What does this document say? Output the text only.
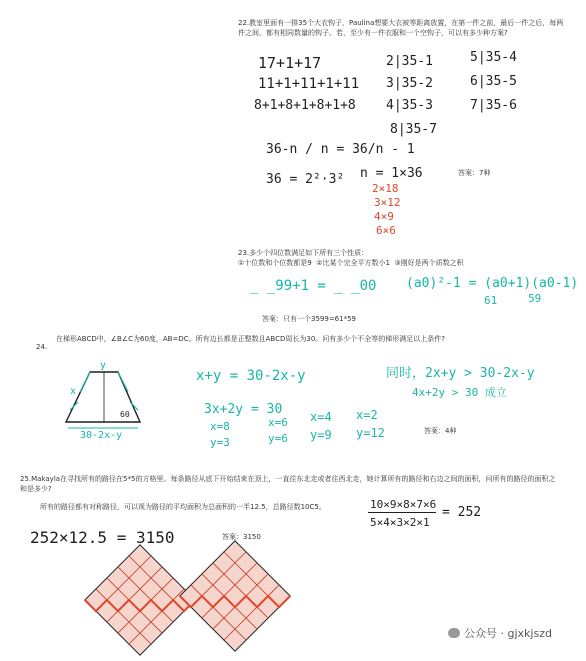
22.教室里面有一排35个大衣钩子，Paulina想要大衣被等距离放置，在第一件之前，最后一件之后，每两件之间，都有相同数量的钩子。若，至少有一件衣服和一个空钩子，可以有多少种方案?
17+1+17
11+1+11+1+11
8+1+8+1+8+1+8
2|35-1
3|35-2
4|35-3
8|35-7
5|35-4
6|35-5
7|35-6
36-n / n = 36/n - 1
36 = 2²·3² n = 1×36
2×18
3×12
4×9
6×6
答案：7种
23.多少个四位数满足如下所有三个性质：
①十位数和个位数都是9  ②比某个完全平方数小1  ③刚好是两个质数之积
_ _99+1 = _ _00 (a0)²-1 = (a0+1)(a0-1)
61	59
答案：只有一个3599=61*59
24.
在梯形ABCD中，∠B∠C为60度，AB=DC。所有边长都是正整数且ABCD周长为30。问有多少个不全等的梯形满足以上条件?
x+y = 30-2x-y	同时，2x+y > 30-2x-y
4x+2y > 30 成立
3x+2y = 30
x=8
y=3
x=6
y=6
x=4
y=9
x=2
y=12	答案：4种
y
x
60
30-2x-y
25.Makayla在寻找所有的路径在5*5的方格里。每条路径从底下开始结束在顶上，一直往东北走或者往西北走，她计算所有的路径和右边之间的面积，问所有的路径的面积之和是多少?
所有的路径都有对称路径，可以视为路径的平均面积为总面积的一半12.5，总路径数10C5。	10×9×8×7×6
5×4×3×2×1
= 252
252×12.5 = 3150	答案：3150
公众号 · gjxkjszd
